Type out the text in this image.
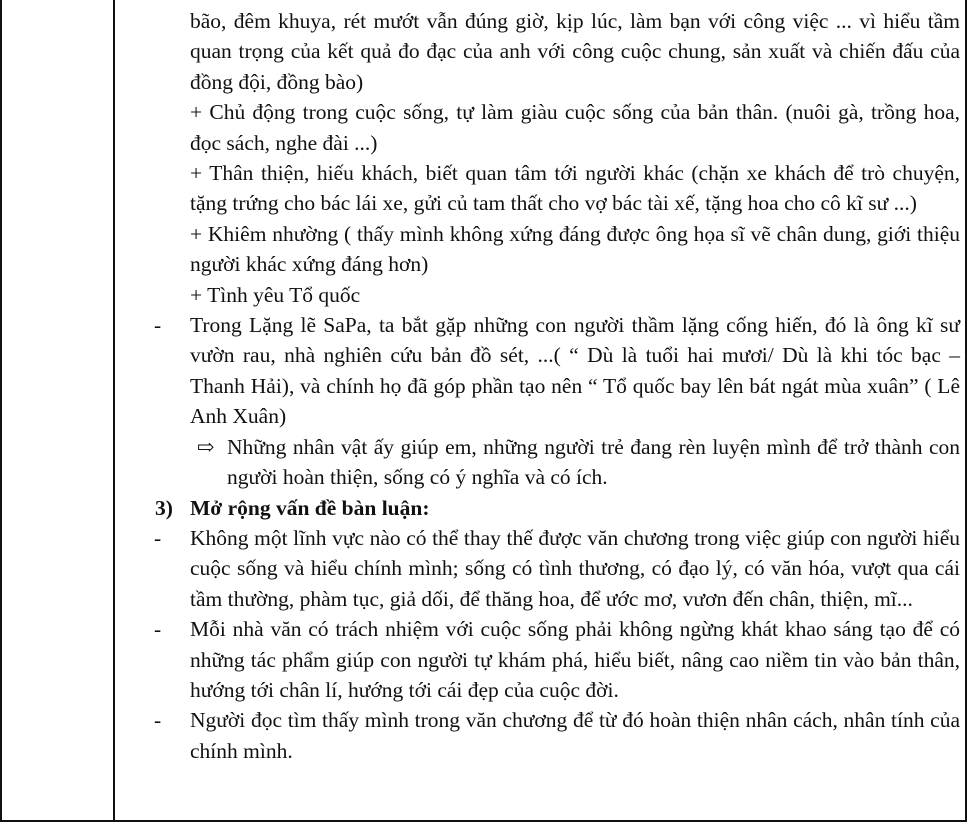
bão, đêm khuya, rét mướt vẫn đúng giờ, kịp lúc, làm bạn với công việc ... vì hiểu tầm quan trọng của kết quả đo đạc của anh với công cuộc chung, sản xuất và chiến đấu của đồng đội, đồng bào)

+ Chủ động trong cuộc sống, tự làm giàu cuộc sống của bản thân. (nuôi gà, trồng hoa, đọc sách, nghe đài ...)

+ Thân thiện, hiếu khách, biết quan tâm tới người khác (chặn xe khách để trò chuyện, tặng trứng cho bác lái xe, gửi củ tam thất cho vợ bác tài xế, tặng hoa cho cô kĩ sư ...)

+ Khiêm nhường ( thấy mình không xứng đáng được ông họa sĩ vẽ chân dung, giới thiệu người khác xứng đáng hơn)

+ Tình yêu Tổ quốc

- Trong Lặng lẽ SaPa, ta bắt gặp những con người thầm lặng cống hiến, đó là ông kĩ sư vườn rau, nhà nghiên cứu bản đồ sét, ...( “ Dù là tuổi hai mươi/ Dù là khi tóc bạc – Thanh Hải), và chính họ đã góp phần tạo nên “ Tổ quốc bay lên bát ngát mùa xuân” ( Lê Anh Xuân)

⇨ Những nhân vật ấy giúp em, những người trẻ đang rèn luyện mình để trở thành con người hoàn thiện, sống có ý nghĩa và có ích.

3) Mở rộng vấn đề bàn luận:
- Không một lĩnh vực nào có thể thay thế được văn chương trong việc giúp con người hiểu cuộc sống và hiểu chính mình; sống có tình thương, có đạo lý, có văn hóa, vượt qua cái tầm thường, phàm tục, giả dối, để thăng hoa, để ước mơ, vươn đến chân, thiện, mĩ...

- Mỗi nhà văn có trách nhiệm với cuộc sống phải không ngừng khát khao sáng tạo để có những tác phẩm giúp con người tự khám phá, hiểu biết, nâng cao niềm tin vào bản thân, hướng tới chân lí, hướng tới cái đẹp của cuộc đời.

- Người đọc tìm thấy mình trong văn chương để từ đó hoàn thiện nhân cách, nhân tính của chính mình.
